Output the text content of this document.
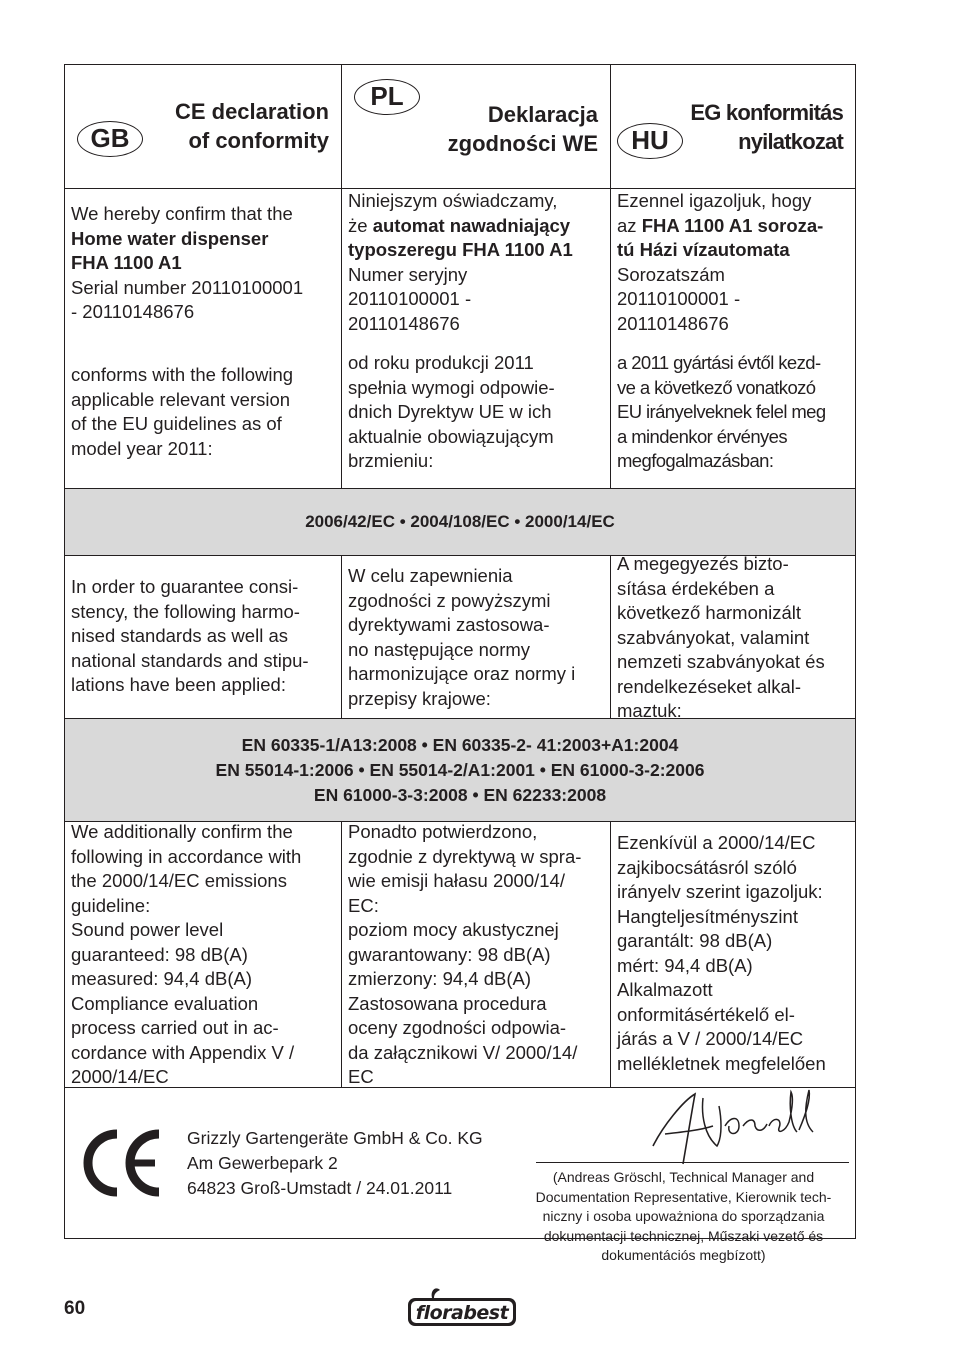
GB
CE declaration
of conformity
PL
Deklaracja
zgodności WE	HU
EG konformitás
nyilatkozat

We hereby confirm that the

Home water dispenser

FHA 1100 A1

Serial number 20110100001

- 20110148676

conforms with the following

applicable relevant version

of the EU guidelines as of

model year 2011:

Niniejszym oświadczamy,

że automat nawadniający

typoszeregu FHA 1100 A1

Numer seryjny

20110100001 -

20110148676

od roku produkcji 2011

spełnia wymogi odpowie-

dnich Dyrektyw UE w ich

aktualnie obowiązującym

brzmieniu:

Ezennel igazoljuk, hogy

az FHA 1100 A1 soroza-

tú Házi vízautomata

Sorozatszám

20110100001 -

20110148676

a 2011 gyártási évtől kezd-

ve a következő vonatkozó

EU irányelveknek felel meg

a mindenkor érvényes

megfogalmazásban:

2006/42/EC • 2004/108/EC • 2000/14/EC

In order to guarantee consi-

stency, the following harmo-

nised standards as well as

national standards and stipu-

lations have been applied:

W celu zapewnienia

zgodności z powyższymi

dyrektywami zastosowa-

no następujące normy

harmonizujące oraz normy i

przepisy krajowe:

A megegyezés bizto-

sítása érdekében a

következő harmonizált

szabványokat, valamint

nemzeti szabványokat és

rendelkezéseket alkal-

maztuk:

EN 60335-1/A13:2008 • EN 60335-2- 41:2003+A1:2004
EN 55014-1:2006 • EN 55014-2/A1:2001 • EN 61000-3-2:2006
EN 61000-3-3:2008 • EN 62233:2008

We additionally confirm the

following in accordance with

the 2000/14/EC emissions

guideline:

Sound power level

guaranteed: 98 dB(A)

measured: 94,4 dB(A)

Compliance evaluation

process carried out in ac-

cordance with Appendix V /

2000/14/EC

Ponadto potwierdzono,

zgodnie z dyrektywą w spra-

wie emisji hałasu 2000/14/

EC:

poziom mocy akustycznej

gwarantowany: 98 dB(A)

zmierzony: 94,4 dB(A)

Zastosowana procedura

oceny zgodności odpowia-

da załącznikowi V/ 2000/14/

EC

Ezenkívül a 2000/14/EC

zajkibocsátásról szóló

irányelv szerint igazoljuk:

Hangteljesítményszint

garantált: 98 dB(A)

mért: 94,4 dB(A)

Alkalmazott

onformitásértékelő el-

járás a V / 2000/14/EC

mellékletnek megfelelően

Grizzly Gartengeräte GmbH & Co. KG
Am Gewerbepark 2
64823 Groß-Umstadt / 24.01.2011
(Andreas Gröschl, Technical Manager and
Documentation Representative, Kierownik tech-
niczny i osoba upoważniona do sporządzania
dokumentacji technicznej, Műszaki vezető és
dokumentációs megbízott)
60	florabest
